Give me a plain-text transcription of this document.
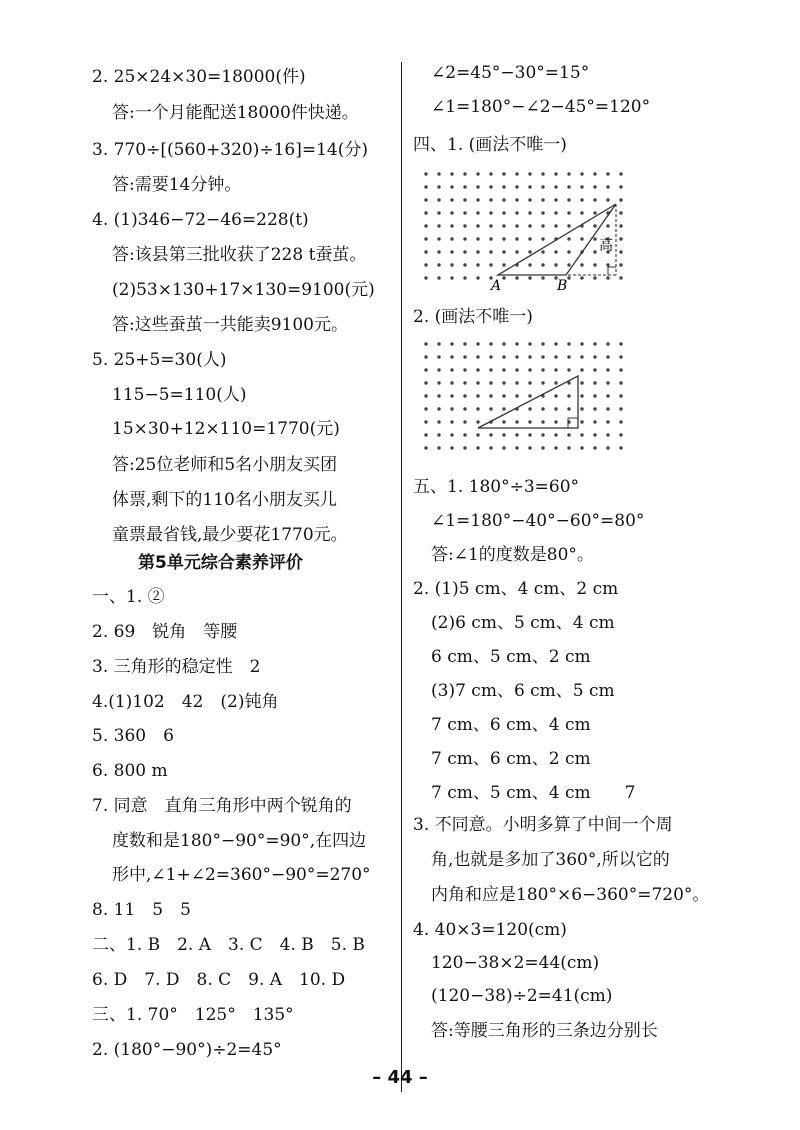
A	B
高
– 44 –
2. 25×24×30=18000(件)
答:一个月能配送18000件快递。
3. 770÷[(560+320)÷16]=14(分)
答:需要14分钟。
4. (1)346−72−46=228(t)
答:该县第三批收获了228 t蚕茧。
(2)53×130+17×130=9100(元)
答:这些蚕茧一共能卖9100元。
5. 25+5=30(人)
115−5=110(人)
15×30+12×110=1770(元)
答:25位老师和5名小朋友买团
体票,剩下的110名小朋友买儿
童票最省钱,最少要花1770元。
第5单元综合素养评价
一、1. ②
2. 69　锐角　等腰
3. 三角形的稳定性　2
4.(1)102　42　(2)钝角
5. 360　6
6. 800 m
7. 同意　直角三角形中两个锐角的
度数和是180°−90°=90°,在四边
形中,∠1+∠2=360°−90°=270°
8. 11　5　5
二、1. B　2. A　3. C　4. B　5. B
6. D　7. D　8. C　9. A　10. D
三、1. 70°　125°　135°
2. (180°−90°)÷2=45°
∠2=45°−30°=15°
∠1=180°−∠2−45°=120°
四、1. (画法不唯一)
2. (画法不唯一)
五、1. 180°÷3=60°
∠1=180°−40°−60°=80°
答:∠1的度数是80°。
2. (1)5 cm、4 cm、2 cm
(2)6 cm、5 cm、4 cm
6 cm、5 cm、2 cm
(3)7 cm、6 cm、5 cm
7 cm、6 cm、4 cm
7 cm、6 cm、2 cm
7 cm、5 cm、4 cm　　7
3. 不同意。小明多算了中间一个周
角,也就是多加了360°,所以它的
内角和应是180°×6−360°=720°。
4. 40×3=120(cm)
120−38×2=44(cm)
(120−38)÷2=41(cm)
答:等腰三角形的三条边分别长
